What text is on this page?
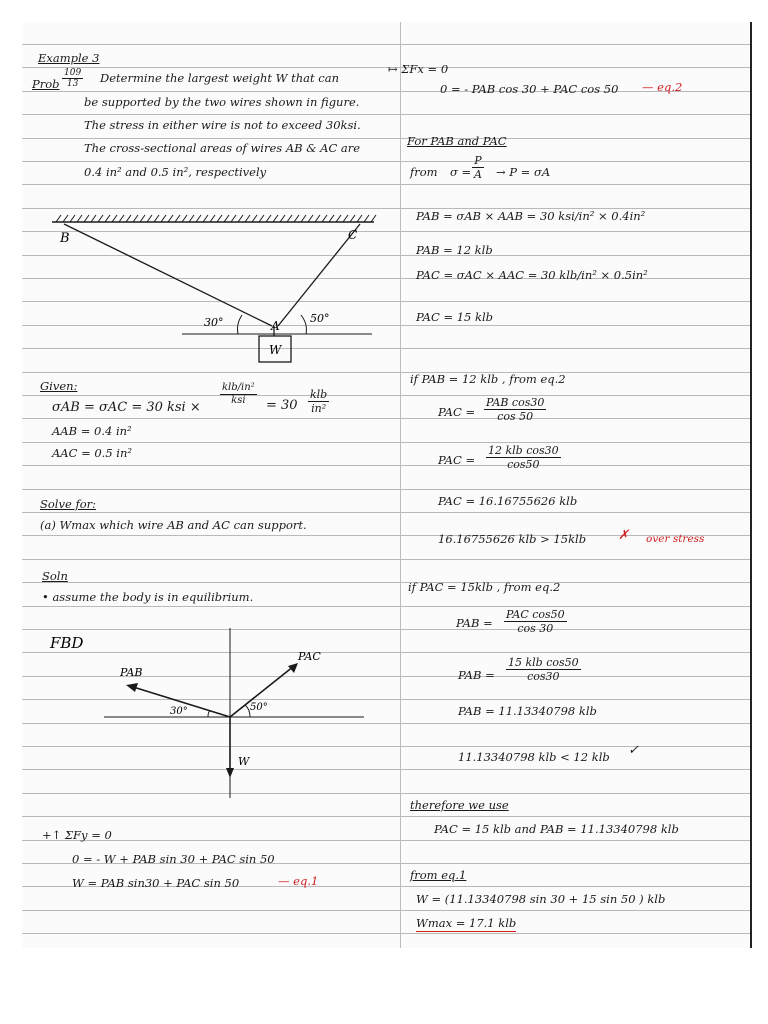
Example 3
Prob $\frac{109}{13}$ Determine the largest weight W that can
be supported by the two wires shown in figure.
The stress in either wire is not to exceed 30ksi.
The cross-sectional areas of wires AB & AC are
0.4 in² and 0.5 in², respectively
↦ ΣFx = 0
0 = - PAB cos 30 + PAC cos 50 — eq.2
For PAB and PAC
from $\sigma = \frac{P}{A} \to P = \sigma A$
PAB = σAB × AAB = 30 ksi/in² × 0.4in²
PAB = 12 klb
PAC = σAC × AAC = 30 klb/in² × 0.5in²
PAC = 15 klb
B	C
A
W
30°	50°
Given:
σAB = σAC = 30 ksi ×
klb/in²
ksi = 30
klb
in²
AAB = 0.4 in²
AAC = 0.5 in²
if PAB = 12 klb , from eq.2
PAC =
PAB cos30
cos 50
PAC =
12 klb cos30
cos50
PAC = 16.16755626 klb
16.16755626 klb > 15klb ✗ over stress
Solve for:
(a) Wmax which wire AB and AC can support.
Soln
• assume the body is in equilibrium.
if PAC = 15klb , from eq.2
PAB =
PAC cos50
cos 30
PAB =
15 klb cos50
cos30
PAB = 11.13340798 klb
11.13340798 klb < 12 klb ✓
FBD
PAB
PAC
W
30°	50°
+↑ ΣFy = 0
0 = - W + PAB sin 30 + PAC sin 50
W = PAB sin30 + PAC sin 50	— eq.1
therefore we use
PAC = 15 klb and PAB = 11.13340798 klb
from eq.1
W = (11.13340798 sin 30 + 15 sin 50 ) klb
Wmax = 17.1 klb
